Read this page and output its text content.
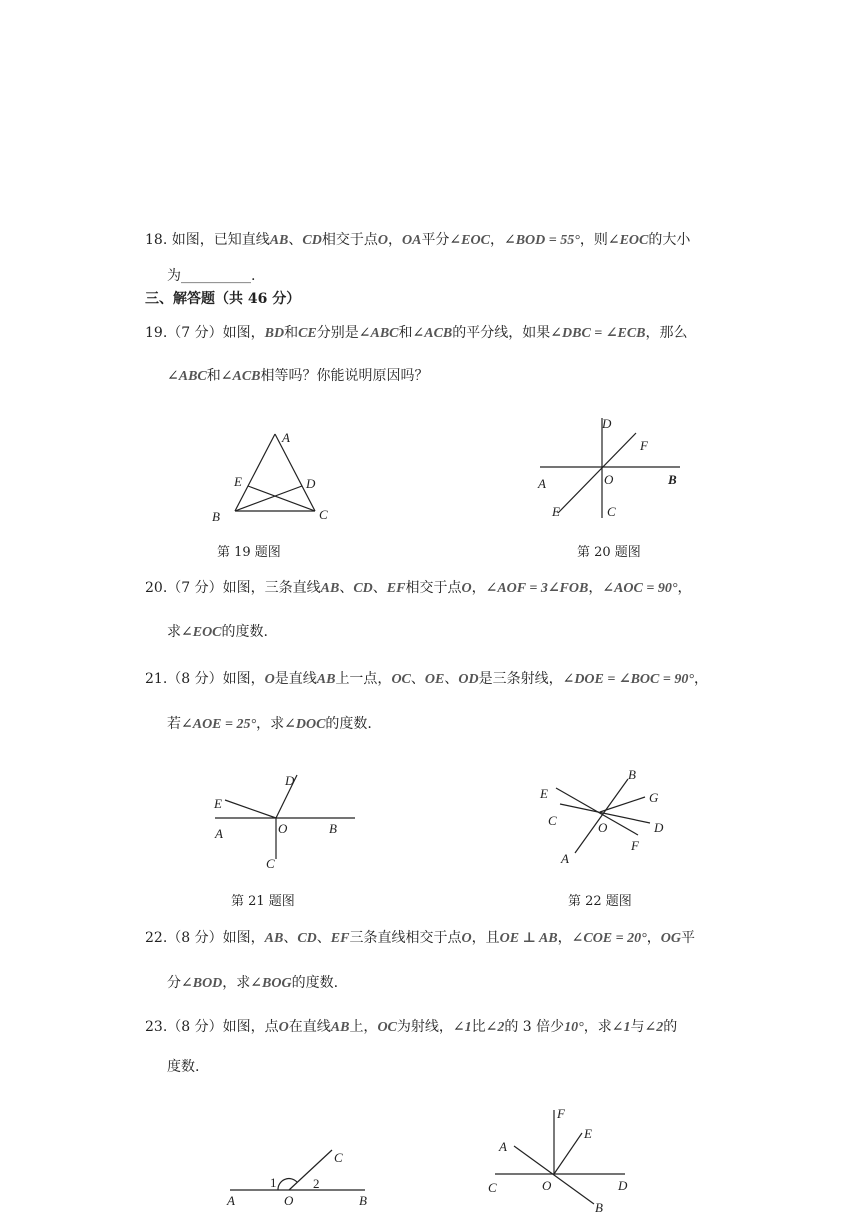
18. 如图，已知直线AB、CD相交于点O，OA平分∠EOC，∠BOD = 55°，则∠EOC的大小
为__________.
三、解答题（共 46 分）
19.（7 分）如图，BD和CE分别是∠ABC和∠ACB的平分线，如果∠DBC = ∠ECB，那么
∠ABC和∠ACB相等吗？你能说明原因吗？
A
E	D
B	C
第 19 题图
D
F
A	O	B
E	C
第 20 题图
20.（7 分）如图，三条直线AB、CD、EF相交于点O，∠AOF = 3∠FOB，∠AOC = 90°，
求∠EOC的度数.
21.（8 分）如图，O是直线AB上一点，OC、OE、OD是三条射线，∠DOE = ∠BOC = 90°，
若∠AOE = 25°，求∠DOC的度数.
D
E
A	O	B
C
第 21 题图
B
E	G
C	O	D
F
A
第 22 题图
22.（8 分）如图，AB、CD、EF三条直线相交于点O，且OE ⊥ AB，∠COE = 20°，OG平
分∠BOD，求∠BOG的度数.
23.（8 分）如图，点O在直线AB上，OC为射线，∠1比∠2的 3 倍少10°，求∠1与∠2的
度数.
C
1	2
A	O	B
F
E
A
C	O	D
B
